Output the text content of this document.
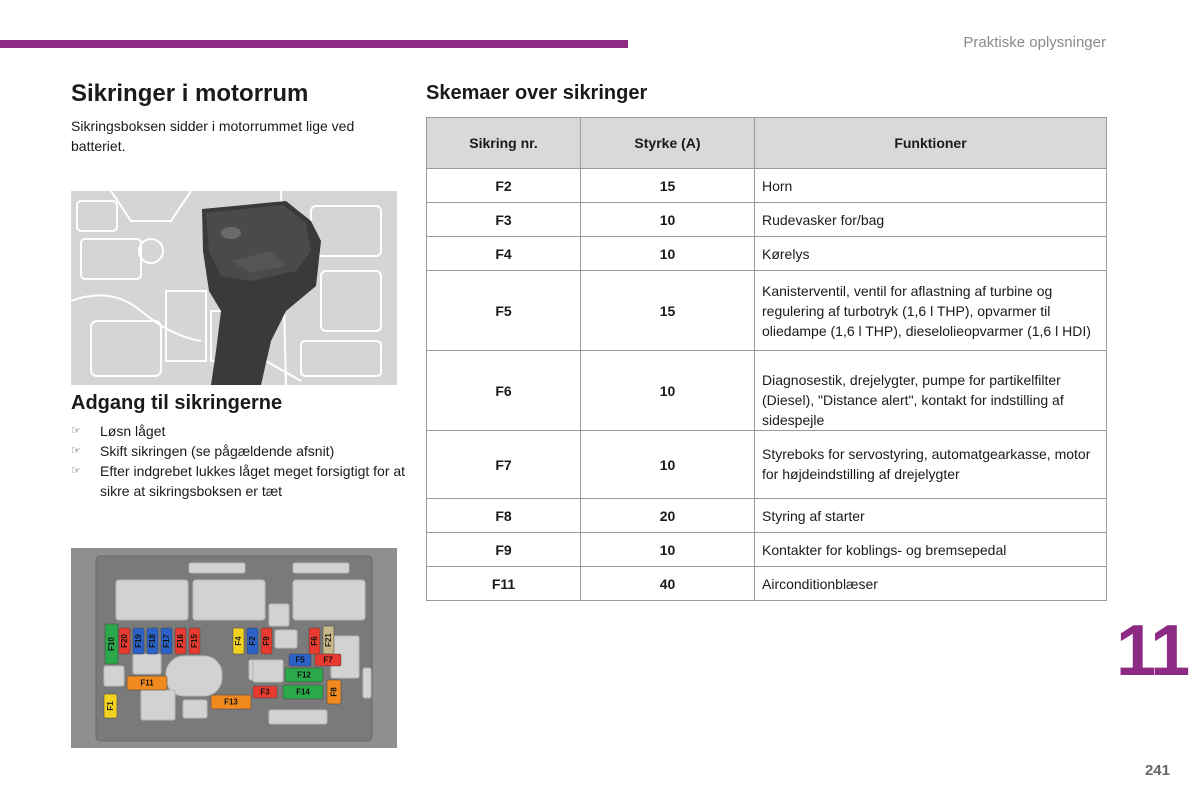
Praktiske oplysninger
Sikringer i motorrum

Sikringsboksen sidder i motorrummet lige ved batteriet.

Adgang til sikringerne
☞ Løsn låget
☞ Skift sikringen (se pågældende afsnit)
☞ Efter indgrebet lukkes låget meget forsigtigt for at sikre at sikringsboksen er tæt
F10 F20 F19 F18 F17 F16 F15	F4 F2 F9	F6 F21
F5 F7
F12
F11
F3	F14 F8
F1	F13
Skemaer over sikringer
Sikring nr.	Styrke (A)	Funktioner
F2	15	Horn
F3	10	Rudevasker for/bag
F4	10	Kørelys
F5	15	Kanisterventil, ventil for aflastning af turbine og regulering af turbotryk (1,6 l THP), opvarmer til oliedampe (1,6 l THP), dieselolieopvarmer (1,6 l HDI)
F6	10	Diagnosestik, drejelygter, pumpe for partikelfilter (Diesel), "Distance alert", kontakt for indstilling af sidespejle
F7	10	Styreboks for servostyring, automatgearkasse, motor for højdeindstilling af drejelygter
F8	20	Styring af starter
F9	10	Kontakter for koblings- og bremsepedal
F11	40	Airconditionblæser
11
241
